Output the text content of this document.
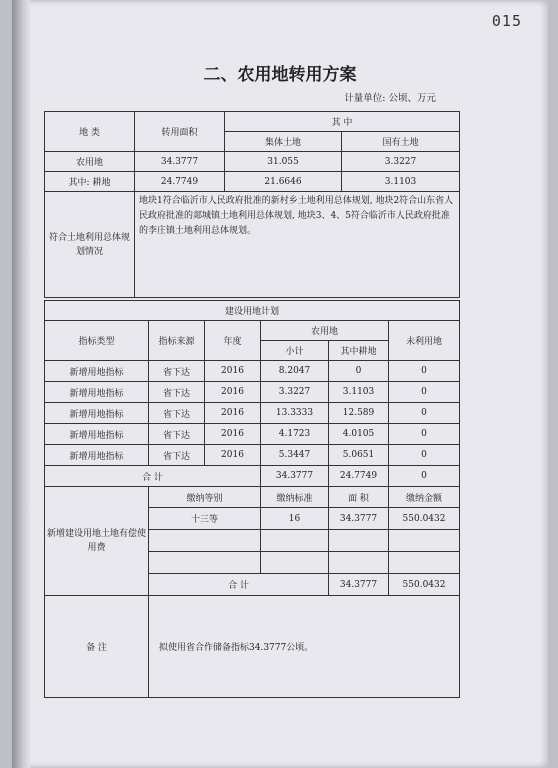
015
二、农用地转用方案
计量单位: 公顷、万元
地 类	转用面积	其 中	
		集体土地	国有土地
农用地	34.3777	31.055	3.3227
其中: 耕地	24.7749	21.6646	3.1103
符合土地利用总体规划情况	地块1符合临沂市人民政府批准的新村乡土地利用总体规划, 地块2符合山东省人民政府批准的郯城镇土地利用总体规划, 地块3、4、5符合临沂市人民政府批准的李庄镇土地利用总体规划。		
建设用地计划					
指标类型	指标来源	年度	农用地		未利用地
			小计	其中耕地	
新增用地指标	省下达	2016	8.2047	0	0
新增用地指标	省下达	2016	3.3227	3.1103	0
新增用地指标	省下达	2016	13.3333	12.589	0
新增用地指标	省下达	2016	4.1723	4.0105	0
新增用地指标	省下达	2016	5.3447	5.0651	0
合 计			34.3777	24.7749	0
新增建设用地土地有偿使用费	缴纳等别		缴纳标准	面 积	缴纳金额
	十三等		16	34.3777	550.0432

	合 计			34.3777	550.0432
备 注	拟使用省合作储备指标34.3777公顷。				
